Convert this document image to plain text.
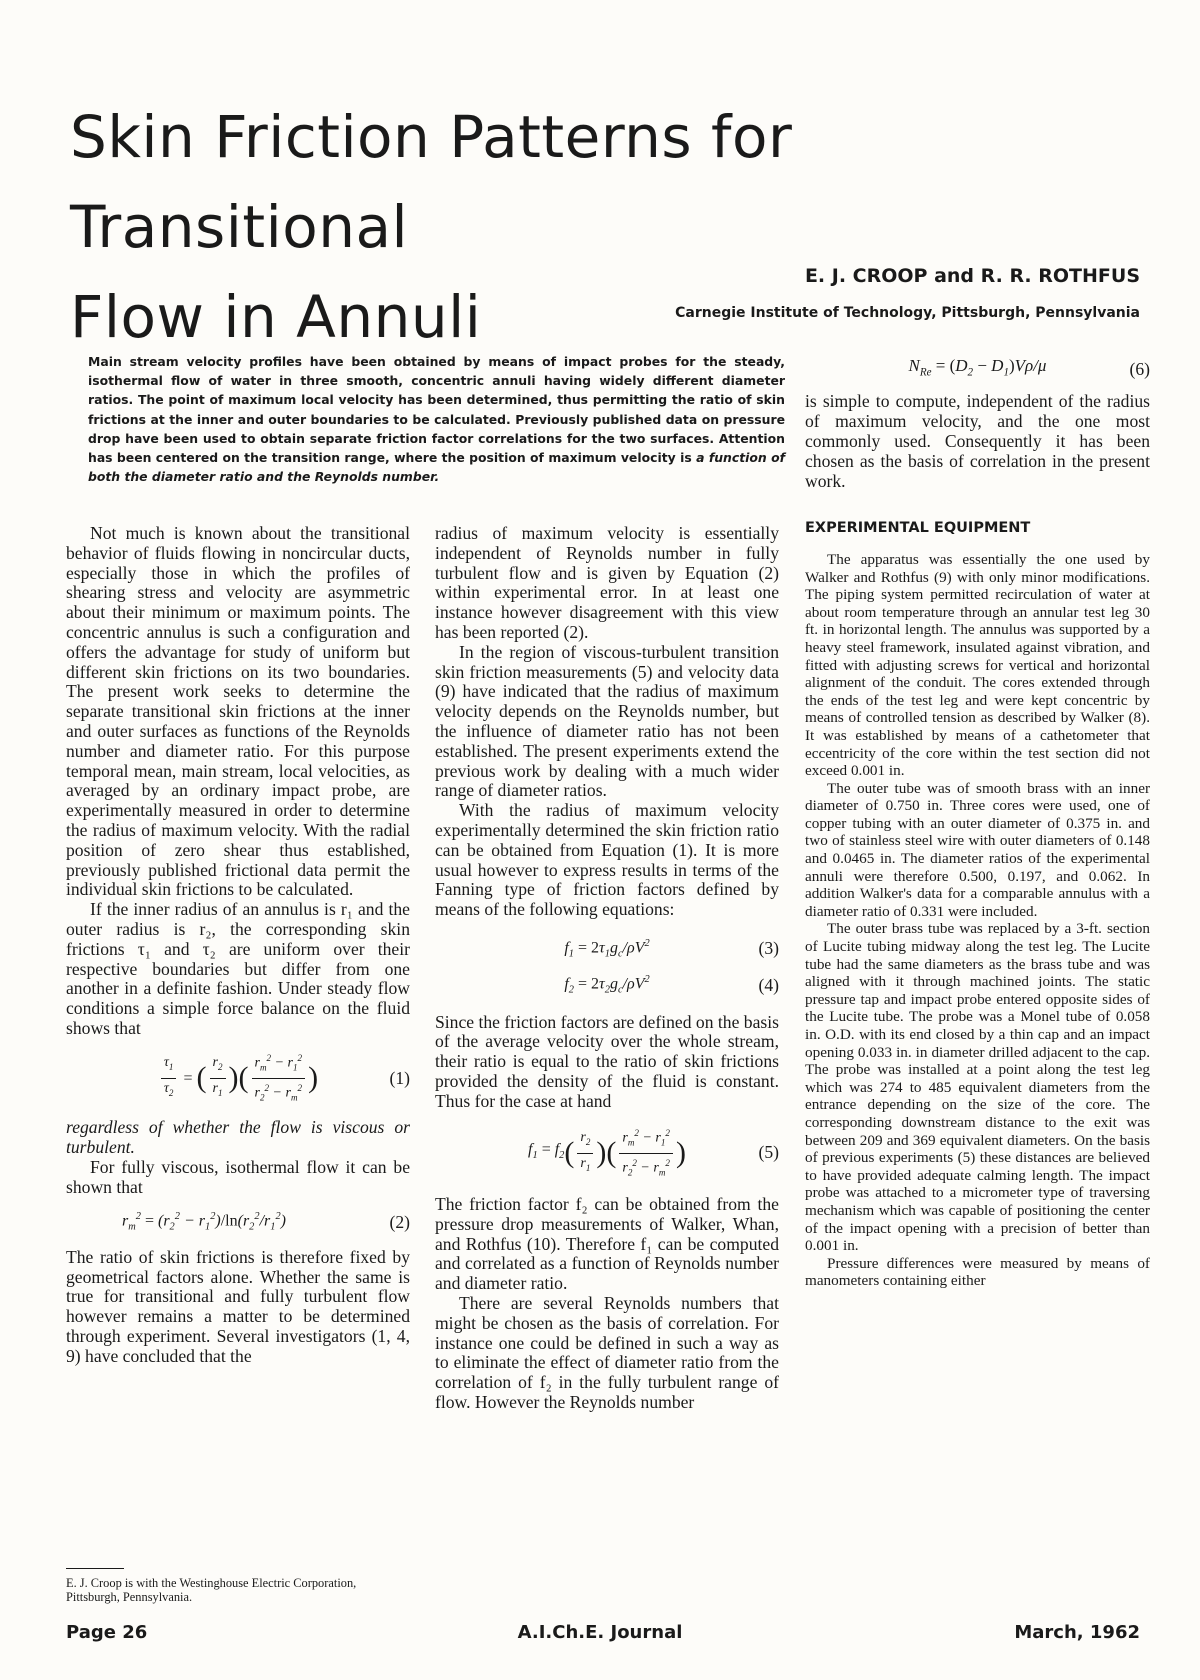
Skin Friction Patterns for Transitional
Flow in Annuli
E. J. CROOP and R. R. ROTHFUS
Carnegie Institute of Technology, Pittsburgh, Pennsylvania

Main stream velocity profiles have been obtained by means of impact probes for the steady, isothermal flow of water in three smooth, concentric annuli having widely different diameter ratios. The point of maximum local velocity has been determined, thus permitting the ratio of skin frictions at the inner and outer boundaries to be calculated. Previously published data on pressure drop have been used to obtain separate friction factor correlations for the two surfaces. Attention has been centered on the transition range, where the position of maximum velocity is a function of both the diameter ratio and the Reynolds number.

Not much is known about the transitional behavior of fluids flowing in noncircular ducts, especially those in which the profiles of shearing stress and velocity are asymmetric about their minimum or maximum points. The concentric annulus is such a configuration and offers the advantage for study of uniform but different skin frictions on its two boundaries. The present work seeks to determine the separate transitional skin frictions at the inner and outer surfaces as functions of the Reynolds number and diameter ratio. For this purpose temporal mean, main stream, local velocities, as averaged by an ordinary impact probe, are experimentally measured in order to determine the radius of maximum velocity. With the radial position of zero shear thus established, previously published frictional data permit the individual skin frictions to be calculated.

If the inner radius of an annulus is r₁ and the outer radius is r₂, the corresponding skin frictions τ₁ and τ₂ are uniform over their respective boundaries but differ from one another in a definite fashion. Under steady flow conditions a simple force balance on the fluid shows that

$\frac{\tau_1}{\tau_2}$ = ( $\frac{r_2}{r_1}$ ) ( $\frac{r_m^2 - r_1^2}{r_2^2 - r_m^2}$ )	(1)

regardless of whether the flow is viscous or turbulent.

For fully viscous, isothermal flow it can be shown that

$r_m^2 = (r_2^2 - r_1^2)/\ln(r_2^2/r_1^2)$	(2)

The ratio of skin frictions is therefore fixed by geometrical factors alone. Whether the same is true for transitional and fully turbulent flow however remains a matter to be determined through experiment. Several investigators (1, 4, 9) have concluded that the

E. J. Croop is with the Westinghouse Electric Corporation, Pittsburgh, Pennsylvania.

radius of maximum velocity is essentially independent of Reynolds number in fully turbulent flow and is given by Equation (2) within experimental error. In at least one instance however disagreement with this view has been reported (2).

In the region of viscous-turbulent transition skin friction measurements (5) and velocity data (9) have indicated that the radius of maximum velocity depends on the Reynolds number, but the influence of diameter ratio has not been established. The present experiments extend the previous work by dealing with a much wider range of diameter ratios.

With the radius of maximum velocity experimentally determined the skin friction ratio can be obtained from Equation (1). It is more usual however to express results in terms of the Fanning type of friction factors defined by means of the following equations:

$f_1 = 2\tau_1g_c/\rho V^2$	(3)
$f_2 = 2\tau_2g_c/\rho V^2$	(4)

Since the friction factors are defined on the basis of the average velocity over the whole stream, their ratio is equal to the ratio of skin frictions provided the density of the fluid is constant. Thus for the case at hand

$f_1 = f_2$ ( $\frac{r_2}{r_1}$ ) ( $\frac{r_m^2 - r_1^2}{r_2^2 - r_m^2}$ )	(5)

The friction factor f₂ can be obtained from the pressure drop measurements of Walker, Whan, and Rothfus (10). Therefore f₁ can be computed and correlated as a function of Reynolds number and diameter ratio.

There are several Reynolds numbers that might be chosen as the basis of correlation. For instance one could be defined in such a way as to eliminate the effect of diameter ratio from the correlation of f₂ in the fully turbulent range of flow. However the Reynolds number

$N_{Re} = (D_2 - D_1)V\rho/\mu$	(6)

is simple to compute, independent of the radius of maximum velocity, and the one most commonly used. Consequently it has been chosen as the basis of correlation in the present work.

EXPERIMENTAL EQUIPMENT

The apparatus was essentially the one used by Walker and Rothfus (9) with only minor modifications. The piping system permitted recirculation of water at about room temperature through an annular test leg 30 ft. in horizontal length. The annulus was supported by a heavy steel framework, insulated against vibration, and fitted with adjusting screws for vertical and horizontal alignment of the conduit. The cores extended through the ends of the test leg and were kept concentric by means of controlled tension as described by Walker (8). It was established by means of a cathetometer that eccentricity of the core within the test section did not exceed 0.001 in.

The outer tube was of smooth brass with an inner diameter of 0.750 in. Three cores were used, one of copper tubing with an outer diameter of 0.375 in. and two of stainless steel wire with outer diameters of 0.148 and 0.0465 in. The diameter ratios of the experimental annuli were therefore 0.500, 0.197, and 0.062. In addition Walker's data for a comparable annulus with a diameter ratio of 0.331 were included.

The outer brass tube was replaced by a 3-ft. section of Lucite tubing midway along the test leg. The Lucite tube had the same diameters as the brass tube and was aligned with it through machined joints. The static pressure tap and impact probe entered opposite sides of the Lucite tube. The probe was a Monel tube of 0.058 in. O.D. with its end closed by a thin cap and an impact opening 0.033 in. in diameter drilled adjacent to the cap. The probe was installed at a point along the test leg which was 274 to 485 equivalent diameters from the entrance depending on the size of the core. The corresponding downstream distance to the exit was between 209 and 369 equivalent diameters. On the basis of previous experiments (5) these distances are believed to have provided adequate calming length. The impact probe was attached to a micrometer type of traversing mechanism which was capable of positioning the center of the impact opening with a precision of better than 0.001 in.

Pressure differences were measured by means of manometers containing either

Page 26	A.I.Ch.E. Journal	March, 1962
